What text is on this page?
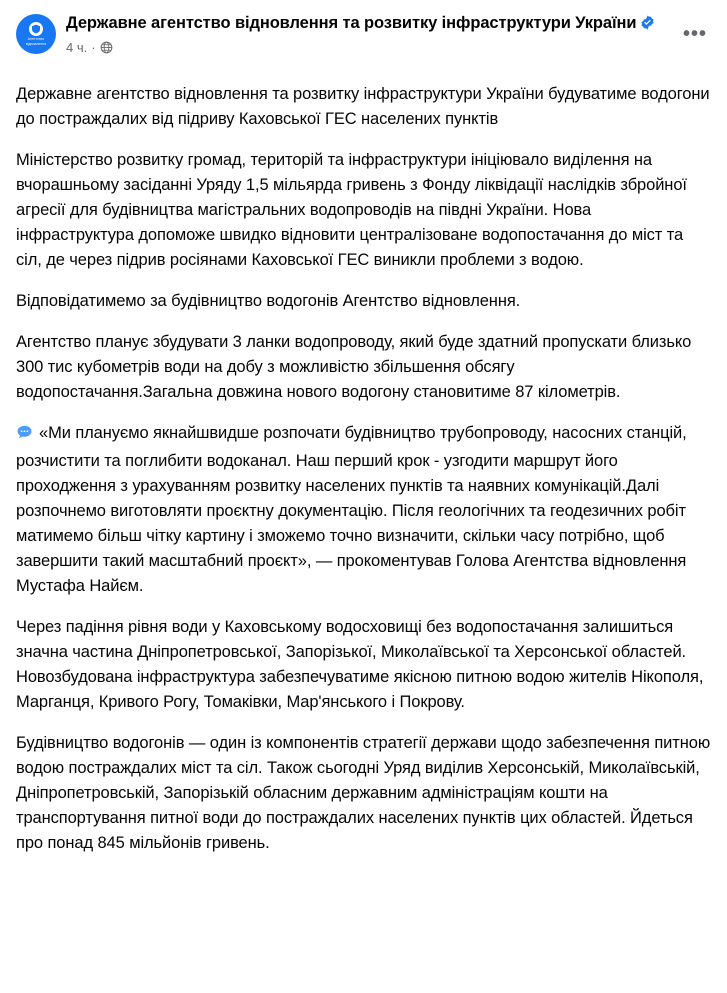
Агентство відновлення
Державне агентство відновлення та розвитку інфраструктури України
4 ч. ·
•••

Державне агентство відновлення та розвитку інфраструктури України будуватиме водогони до постраждалих від підриву Каховської ГЕС населених пунктів

Міністерство розвитку громад, територій та інфраструктури ініціювало виділення на вчорашньому засіданні Уряду 1,5 мільярда гривень з Фонду ліквідації наслідків збройної агресії для будівництва магістральних водопроводів на півдні України. Нова інфраструктура допоможе швидко відновити централізоване водопостачання до міст та сіл, де через підрив росіянами Каховської ГЕС виникли проблеми з водою.

Відповідатимемо за будівництво водогонів Агентство відновлення.

Агентство планує збудувати 3 ланки водопроводу, який буде здатний пропускати близько 300 тис кубометрів води на добу з можливістю збільшення обсягу водопостачання.Загальна довжина нового водогону становитиме 87 кілометрів.

«Ми плануємо якнайшвидше розпочати будівництво трубопроводу, насосних станцій, розчистити та поглибити водоканал. Наш перший крок - узгодити маршрут його проходження з урахуванням розвитку населених пунктів та наявних комунікацій.Далі розпочнемо виготовляти проєктну документацію. Після геологічних та геодезичних робіт матимемо більш чітку картину і зможемо точно визначити, скільки часу потрібно, щоб завершити такий масштабний проєкт», — прокоментував Голова Агентства відновлення Мустафа Найєм.

Через падіння рівня води у Каховському водосховищі без водопостачання залишиться значна частина Дніпропетровської, Запорізької, Миколаївської та Херсонської областей. Новозбудована інфраструктура забезпечуватиме якісною питною водою жителів Нікополя, Марганця, Кривого Рогу, Томаківки, Мар'янського і Покрову.

Будівництво водогонів — один із компонентів стратегії держави щодо забезпечення питною водою постраждалих міст та сіл. Також сьогодні Уряд виділив Херсонській, Миколаївській, Дніпропетровській, Запорізькій обласним державним адміністраціям кошти на транспортування питної води до постраждалих населених пунктів цих областей. Йдеться про понад 845 мільйонів гривень.
